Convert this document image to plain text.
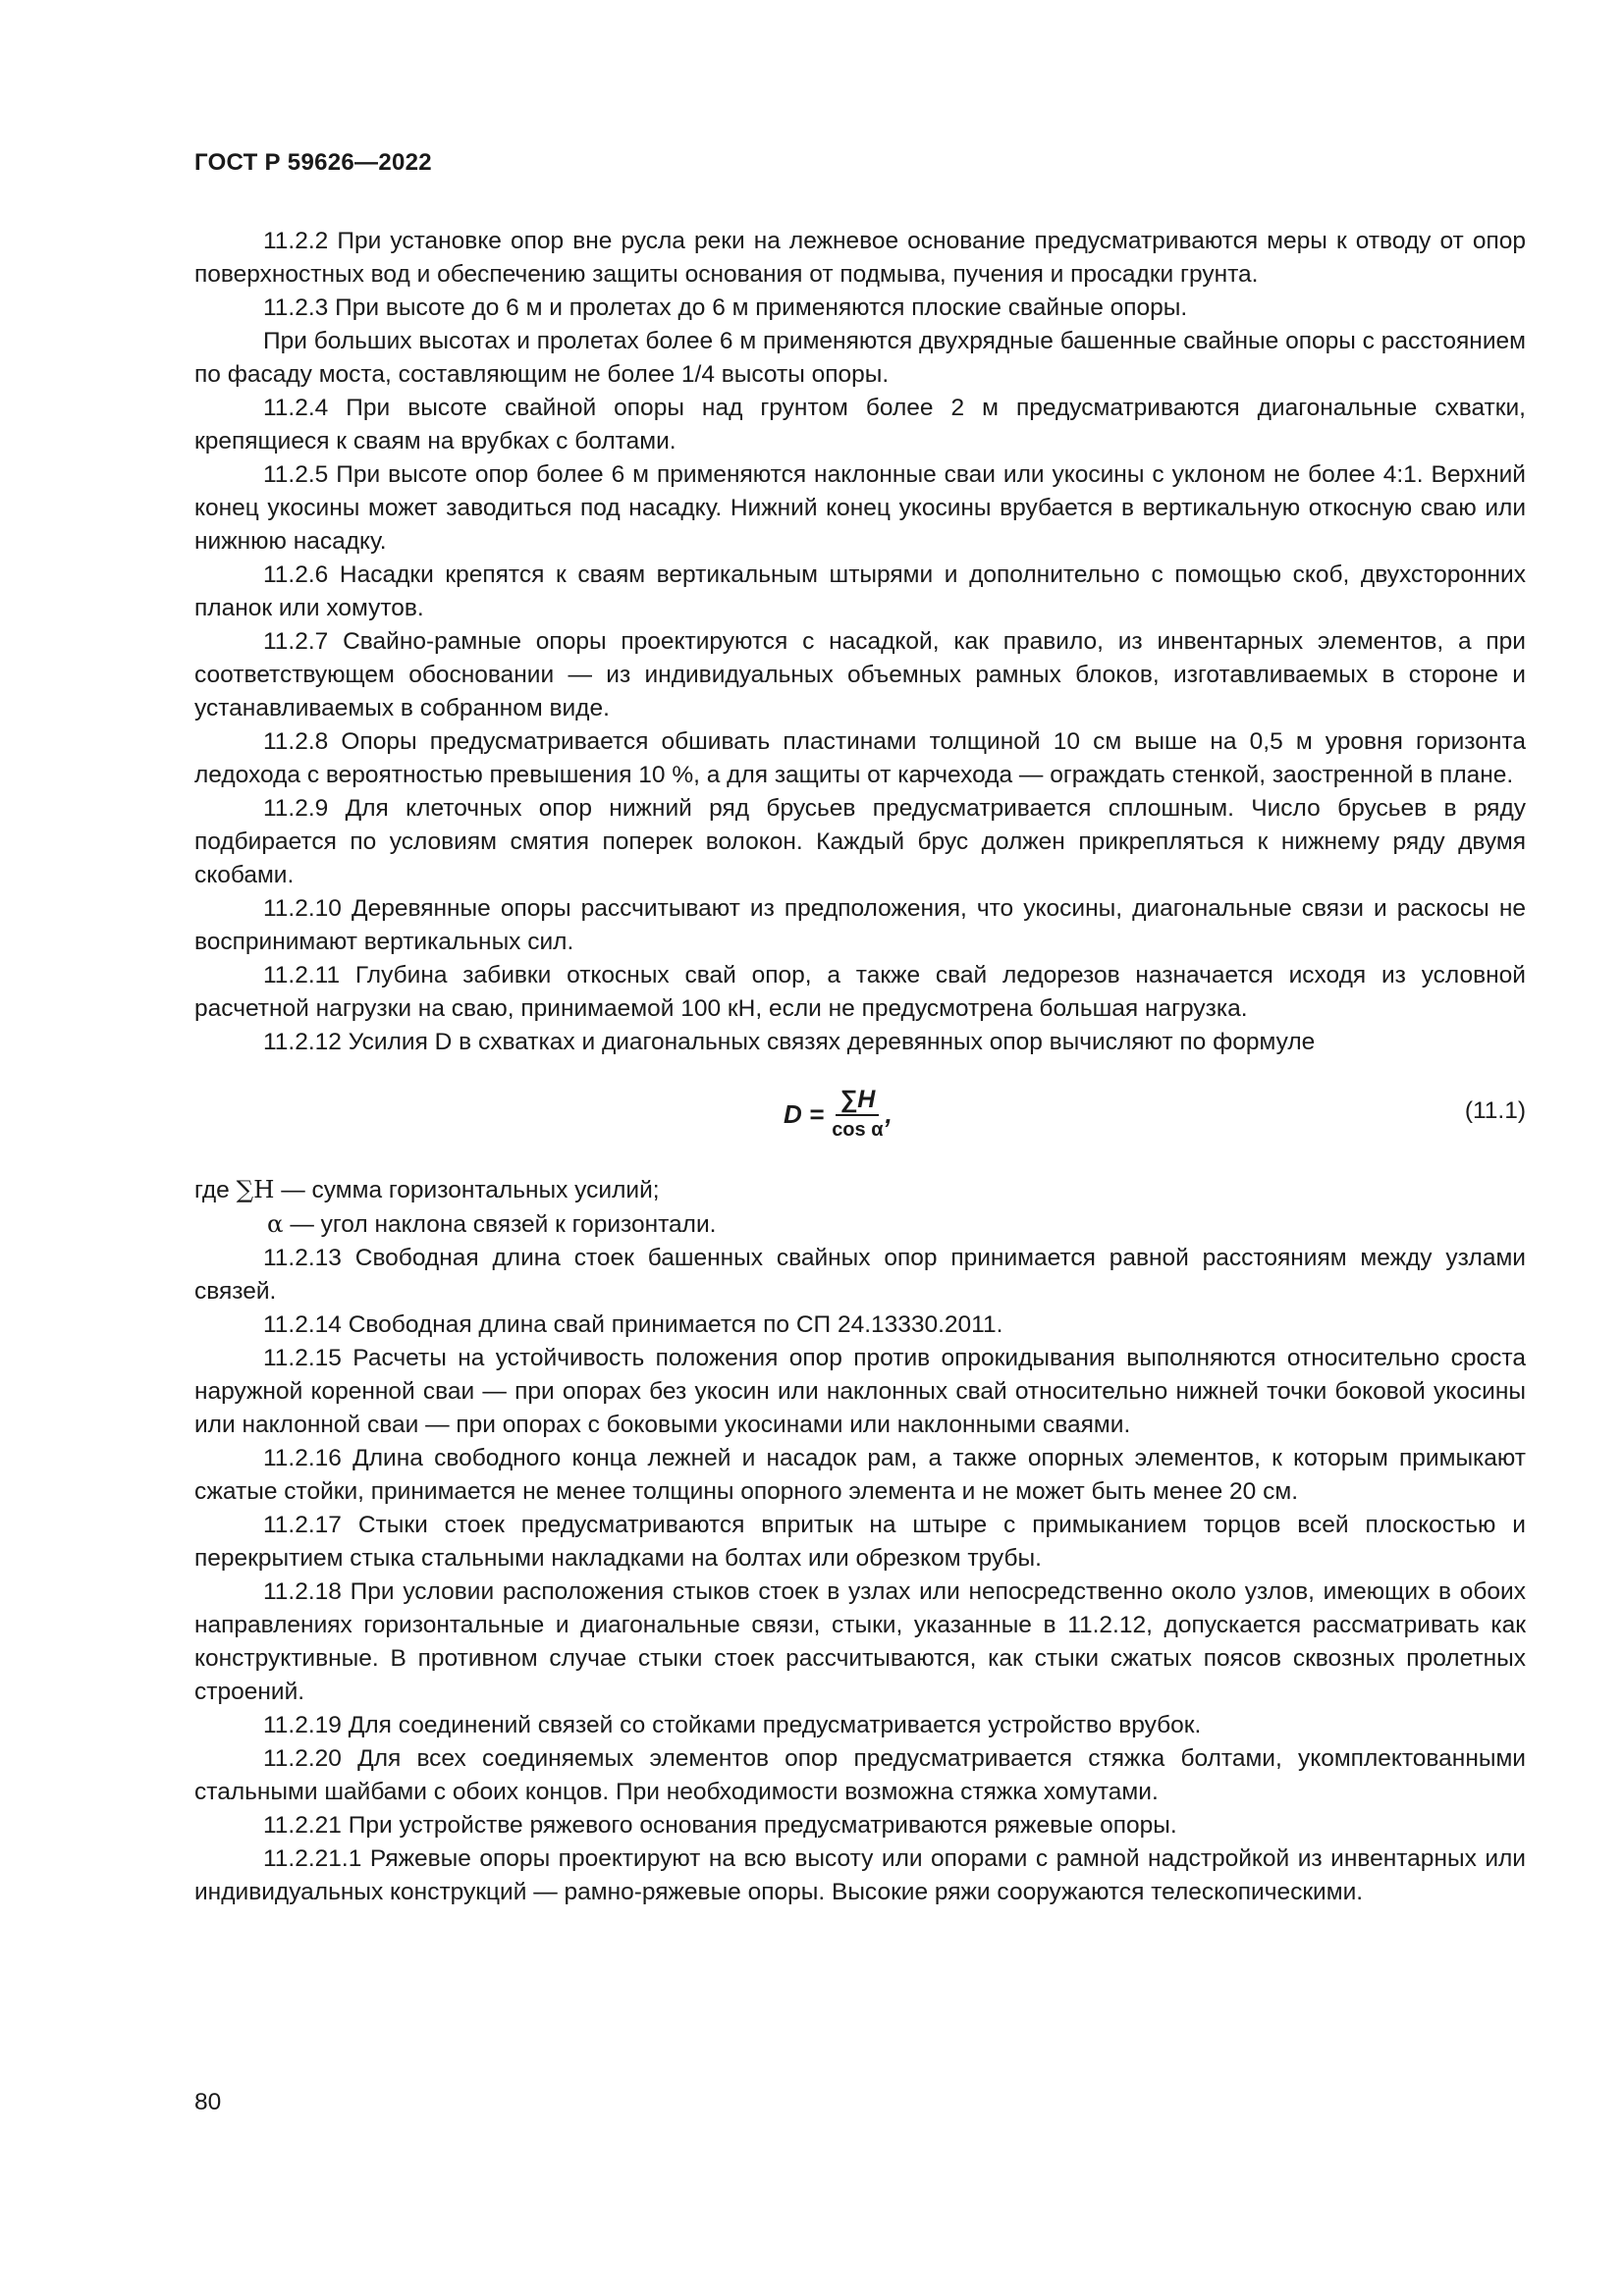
ГОСТ Р 59626—2022

11.2.2 При установке опор вне русла реки на лежневое основание предусматриваются меры к отводу от опор поверхностных вод и обеспечению защиты основания от подмыва, пучения и просадки грунта.

11.2.3 При высоте до 6 м и пролетах до 6 м применяются плоские свайные опоры.

При больших высотах и пролетах более 6 м применяются двухрядные башенные свайные опоры с расстоянием по фасаду моста, составляющим не более 1/4 высоты опоры.

11.2.4 При высоте свайной опоры над грунтом более 2 м предусматриваются диагональные схватки, крепящиеся к сваям на врубках с болтами.

11.2.5 При высоте опор более 6 м применяются наклонные сваи или укосины с уклоном не более 4:1. Верхний конец укосины может заводиться под насадку. Нижний конец укосины врубается в вертикальную откосную сваю или нижнюю насадку.

11.2.6 Насадки крепятся к сваям вертикальным штырями и дополнительно с помощью скоб, двухсторонних планок или хомутов.

11.2.7 Свайно-рамные опоры проектируются с насадкой, как правило, из инвентарных элементов, а при соответствующем обосновании — из индивидуальных объемных рамных блоков, изготавливаемых в стороне и устанавливаемых в собранном виде.

11.2.8 Опоры предусматривается обшивать пластинами толщиной 10 см выше на 0,5 м уровня горизонта ледохода с вероятностью превышения 10 %, а для защиты от карчехода — ограждать стенкой, заостренной в плане.

11.2.9 Для клеточных опор нижний ряд брусьев предусматривается сплошным. Число брусьев в ряду подбирается по условиям смятия поперек волокон. Каждый брус должен прикрепляться к нижнему ряду двумя скобами.

11.2.10 Деревянные опоры рассчитывают из предположения, что укосины, диагональные связи и раскосы не воспринимают вертикальных сил.

11.2.11 Глубина забивки откосных свай опор, а также свай ледорезов назначается исходя из условной расчетной нагрузки на сваю, принимаемой 100 кН, если не предусмотрена большая нагрузка.

11.2.12 Усилия D в схватках и диагональных связях деревянных опор вычисляют по формуле

$D = \frac{\sum H}{\text{cos α}}$ ,	(11.1)

где ∑H — сумма горизонтальных усилий;

α — угол наклона связей к горизонтали.

11.2.13 Свободная длина стоек башенных свайных опор принимается равной расстояниям между узлами связей.

11.2.14 Свободная длина свай принимается по СП 24.13330.2011.

11.2.15 Расчеты на устойчивость положения опор против опрокидывания выполняются относительно сроста наружной коренной сваи — при опорах без укосин или наклонных свай относительно нижней точки боковой укосины или наклонной сваи — при опорах с боковыми укосинами или наклонными сваями.

11.2.16 Длина свободного конца лежней и насадок рам, а также опорных элементов, к которым примыкают сжатые стойки, принимается не менее толщины опорного элемента и не может быть менее 20 см.

11.2.17 Стыки стоек предусматриваются впритык на штыре с примыканием торцов всей плоскостью и перекрытием стыка стальными накладками на болтах или обрезком трубы.

11.2.18 При условии расположения стыков стоек в узлах или непосредственно около узлов, имеющих в обоих направлениях горизонтальные и диагональные связи, стыки, указанные в 11.2.12, допускается рассматривать как конструктивные. В противном случае стыки стоек рассчитываются, как стыки сжатых поясов сквозных пролетных строений.

11.2.19 Для соединений связей со стойками предусматривается устройство врубок.

11.2.20 Для всех соединяемых элементов опор предусматривается стяжка болтами, укомплектованными стальными шайбами с обоих концов. При необходимости возможна стяжка хомутами.

11.2.21 При устройстве ряжевого основания предусматриваются ряжевые опоры.

11.2.21.1 Ряжевые опоры проектируют на всю высоту или опорами с рамной надстройкой из инвентарных или индивидуальных конструкций — рамно-ряжевые опоры. Высокие ряжи сооружаются телескопическими.

80
